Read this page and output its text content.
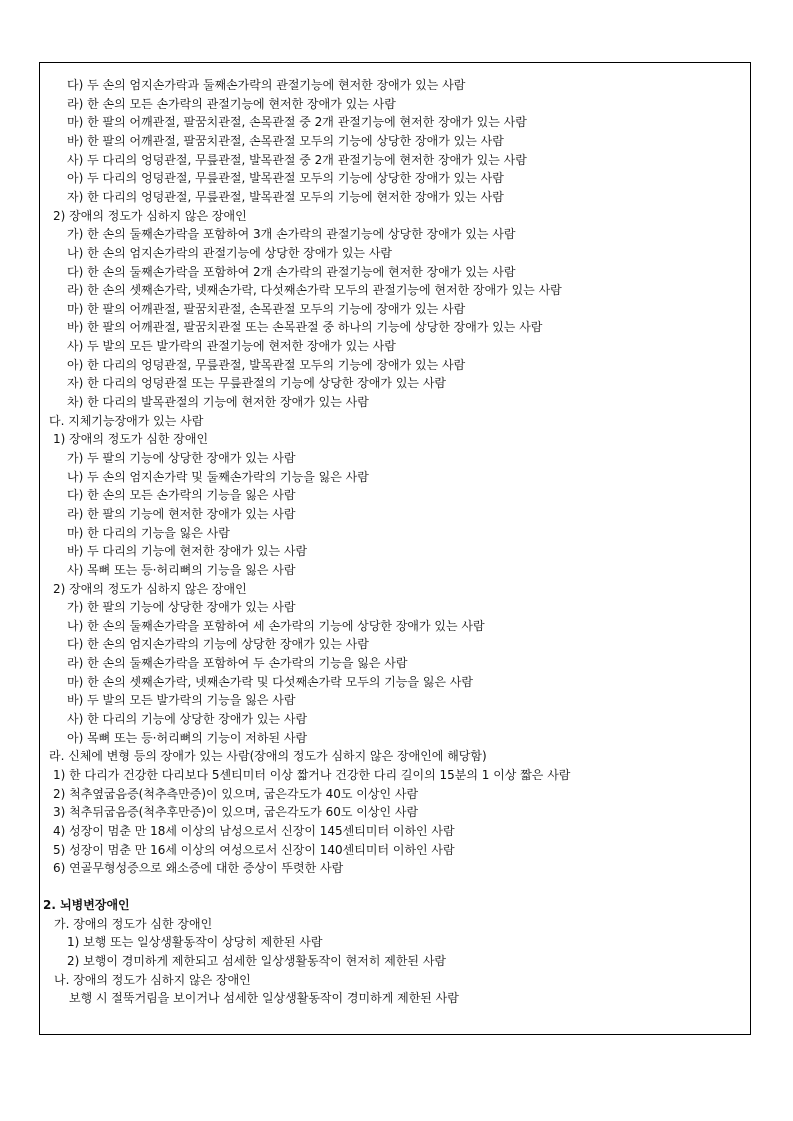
다) 두 손의 엄지손가락과 둘째손가락의 관절기능에 현저한 장애가 있는 사람
라) 한 손의 모든 손가락의 관절기능에 현저한 장애가 있는 사람
마) 한 팔의 어깨관절, 팔꿈치관절, 손목관절 중 2개 관절기능에 현저한 장애가 있는 사람
바) 한 팔의 어깨관절, 팔꿈치관절, 손목관절 모두의 기능에 상당한 장애가 있는 사람
사) 두 다리의 엉덩관절, 무릎관절, 발목관절 중 2개 관절기능에 현저한 장애가 있는 사람
아) 두 다리의 엉덩관절, 무릎관절, 발목관절 모두의 기능에 상당한 장애가 있는 사람
자) 한 다리의 엉덩관절, 무릎관절, 발목관절 모두의 기능에 현저한 장애가 있는 사람
2) 장애의 정도가 심하지 않은 장애인
가) 한 손의 둘째손가락을 포함하여 3개 손가락의 관절기능에 상당한 장애가 있는 사람
나) 한 손의 엄지손가락의 관절기능에 상당한 장애가 있는 사람
다) 한 손의 둘째손가락을 포함하여 2개 손가락의 관절기능에 현저한 장애가 있는 사람
라) 한 손의 셋째손가락, 넷째손가락, 다섯째손가락 모두의 관절기능에 현저한 장애가 있는 사람
마) 한 팔의 어깨관절, 팔꿈치관절, 손목관절 모두의 기능에 장애가 있는 사람
바) 한 팔의 어깨관절, 팔꿈치관절 또는 손목관절 중 하나의 기능에 상당한 장애가 있는 사람
사) 두 발의 모든 발가락의 관절기능에 현저한 장애가 있는 사람
아) 한 다리의 엉덩관절, 무릎관절, 발목관절 모두의 기능에 장애가 있는 사람
자) 한 다리의 엉덩관절 또는 무릎관절의 기능에 상당한 장애가 있는 사람
차) 한 다리의 발목관절의 기능에 현저한 장애가 있는 사람
다. 지체기능장애가 있는 사람
1) 장애의 정도가 심한 장애인
가) 두 팔의 기능에 상당한 장애가 있는 사람
나) 두 손의 엄지손가락 및 둘째손가락의 기능을 잃은 사람
다) 한 손의 모든 손가락의 기능을 잃은 사람
라) 한 팔의 기능에 현저한 장애가 있는 사람
마) 한 다리의 기능을 잃은 사람
바) 두 다리의 기능에 현저한 장애가 있는 사람
사) 목뼈 또는 등·허리뼈의 기능을 잃은 사람
2) 장애의 정도가 심하지 않은 장애인
가) 한 팔의 기능에 상당한 장애가 있는 사람
나) 한 손의 둘째손가락을 포함하여 세 손가락의 기능에 상당한 장애가 있는 사람
다) 한 손의 엄지손가락의 기능에 상당한 장애가 있는 사람
라) 한 손의 둘째손가락을 포함하여 두 손가락의 기능을 잃은 사람
마) 한 손의 셋째손가락, 넷째손가락 및 다섯째손가락 모두의 기능을 잃은 사람
바) 두 발의 모든 발가락의 기능을 잃은 사람
사) 한 다리의 기능에 상당한 장애가 있는 사람
아) 목뼈 또는 등·허리뼈의 기능이 저하된 사람
라. 신체에 변형 등의 장애가 있는 사람(장애의 정도가 심하지 않은 장애인에 해당함)
1) 한 다리가 건강한 다리보다 5센티미터 이상 짧거나 건강한 다리 길이의 15분의 1 이상 짧은 사람
2) 척추옆굽음증(척추측만증)이 있으며, 굽은각도가 40도 이상인 사람
3) 척추뒤굽음증(척추후만증)이 있으며, 굽은각도가 60도 이상인 사람
4) 성장이 멈춘 만 18세 이상의 남성으로서 신장이 145센티미터 이하인 사람
5) 성장이 멈춘 만 16세 이상의 여성으로서 신장이 140센티미터 이하인 사람
6) 연골무형성증으로 왜소증에 대한 증상이 뚜렷한 사람
2. 뇌병변장애인
가. 장애의 정도가 심한 장애인
1) 보행 또는 일상생활동작이 상당히 제한된 사람
2) 보행이 경미하게 제한되고 섬세한 일상생활동작이 현저히 제한된 사람
나. 장애의 정도가 심하지 않은 장애인
보행 시 절뚝거림을 보이거나 섬세한 일상생활동작이 경미하게 제한된 사람
